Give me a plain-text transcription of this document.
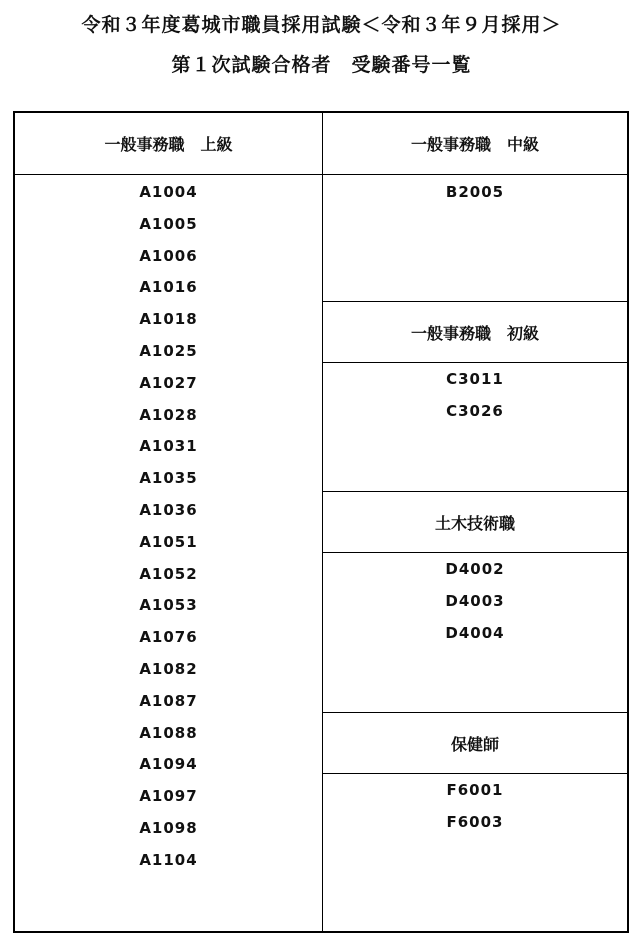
令和３年度葛城市職員採用試験＜令和３年９月採用＞
第１次試験合格者　受験番号一覧
一般事務職　上級
A1004
A1005
A1006
A1016
A1018
A1025
A1027
A1028
A1031
A1035
A1036
A1051
A1052
A1053
A1076
A1082
A1087
A1088
A1094
A1097
A1098
A1104
一般事務職　中級
B2005
一般事務職　初級
C3011
C3026
土木技術職
D4002
D4003
D4004
保健師
F6001
F6003
